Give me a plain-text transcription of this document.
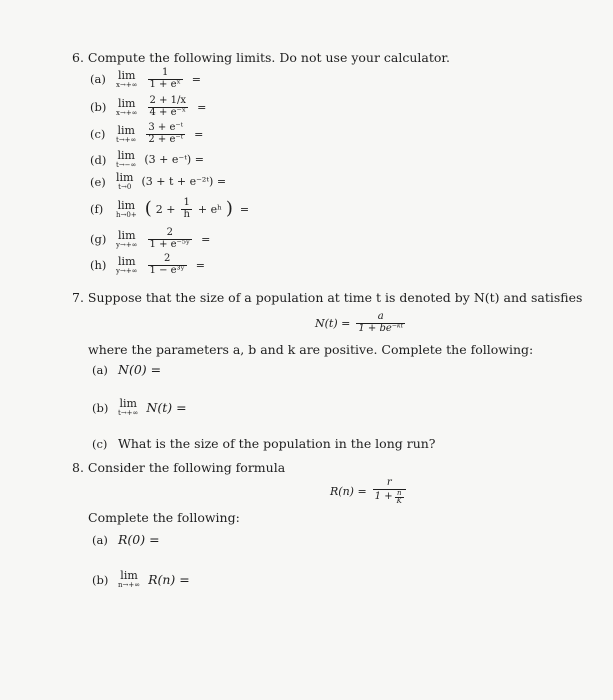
6. Compute the following limits. Do not use your calculator.
(a)	lim
$x\to+\infty \frac{1}{\text{1 + eˣ}}$ =
(b)	lim
$x\to+\infty \frac{2 + 1/x}{\text{4 + e⁻ˣ}}$ =
(c)	lim
$t\to+\infty \frac{\text{3 + e⁻ᵗ}}{\text{2 + e⁻ᵗ}}$ =
(d)	lim
t→−∞ (3 + e⁻ᵗ) =
(e) lim
t→0 (3 + t + e⁻²ᵗ) =
(f)	lim
h→0+ ( $2 + \frac{1}{h}$ + eʰ ) =
(g)	lim
$y\to+\infty \frac{2}{\text{1 + e⁻⁵ʸ}}$ =
(h)	lim
$y\to+\infty \frac{2}{\text{1 − e³ʸ}}$ =
7. Suppose that the size of a population at time t is denoted by N(t) and satisfies
$N(t) = \frac{a}{\text{1 + be⁻ᵏᵗ}}$
where the parameters a, b and k are positive. Complete the following:
(a) N(0) =
(b)	lim
t→+∞ N(t) =
(c) What is the size of the population in the long run?
8. Consider the following formula
$R(n) = \frac{r}{1 + \frac{n}{K}}$
Complete the following:
(a) R(0) =
(b)	lim
n→+∞ R(n) =
